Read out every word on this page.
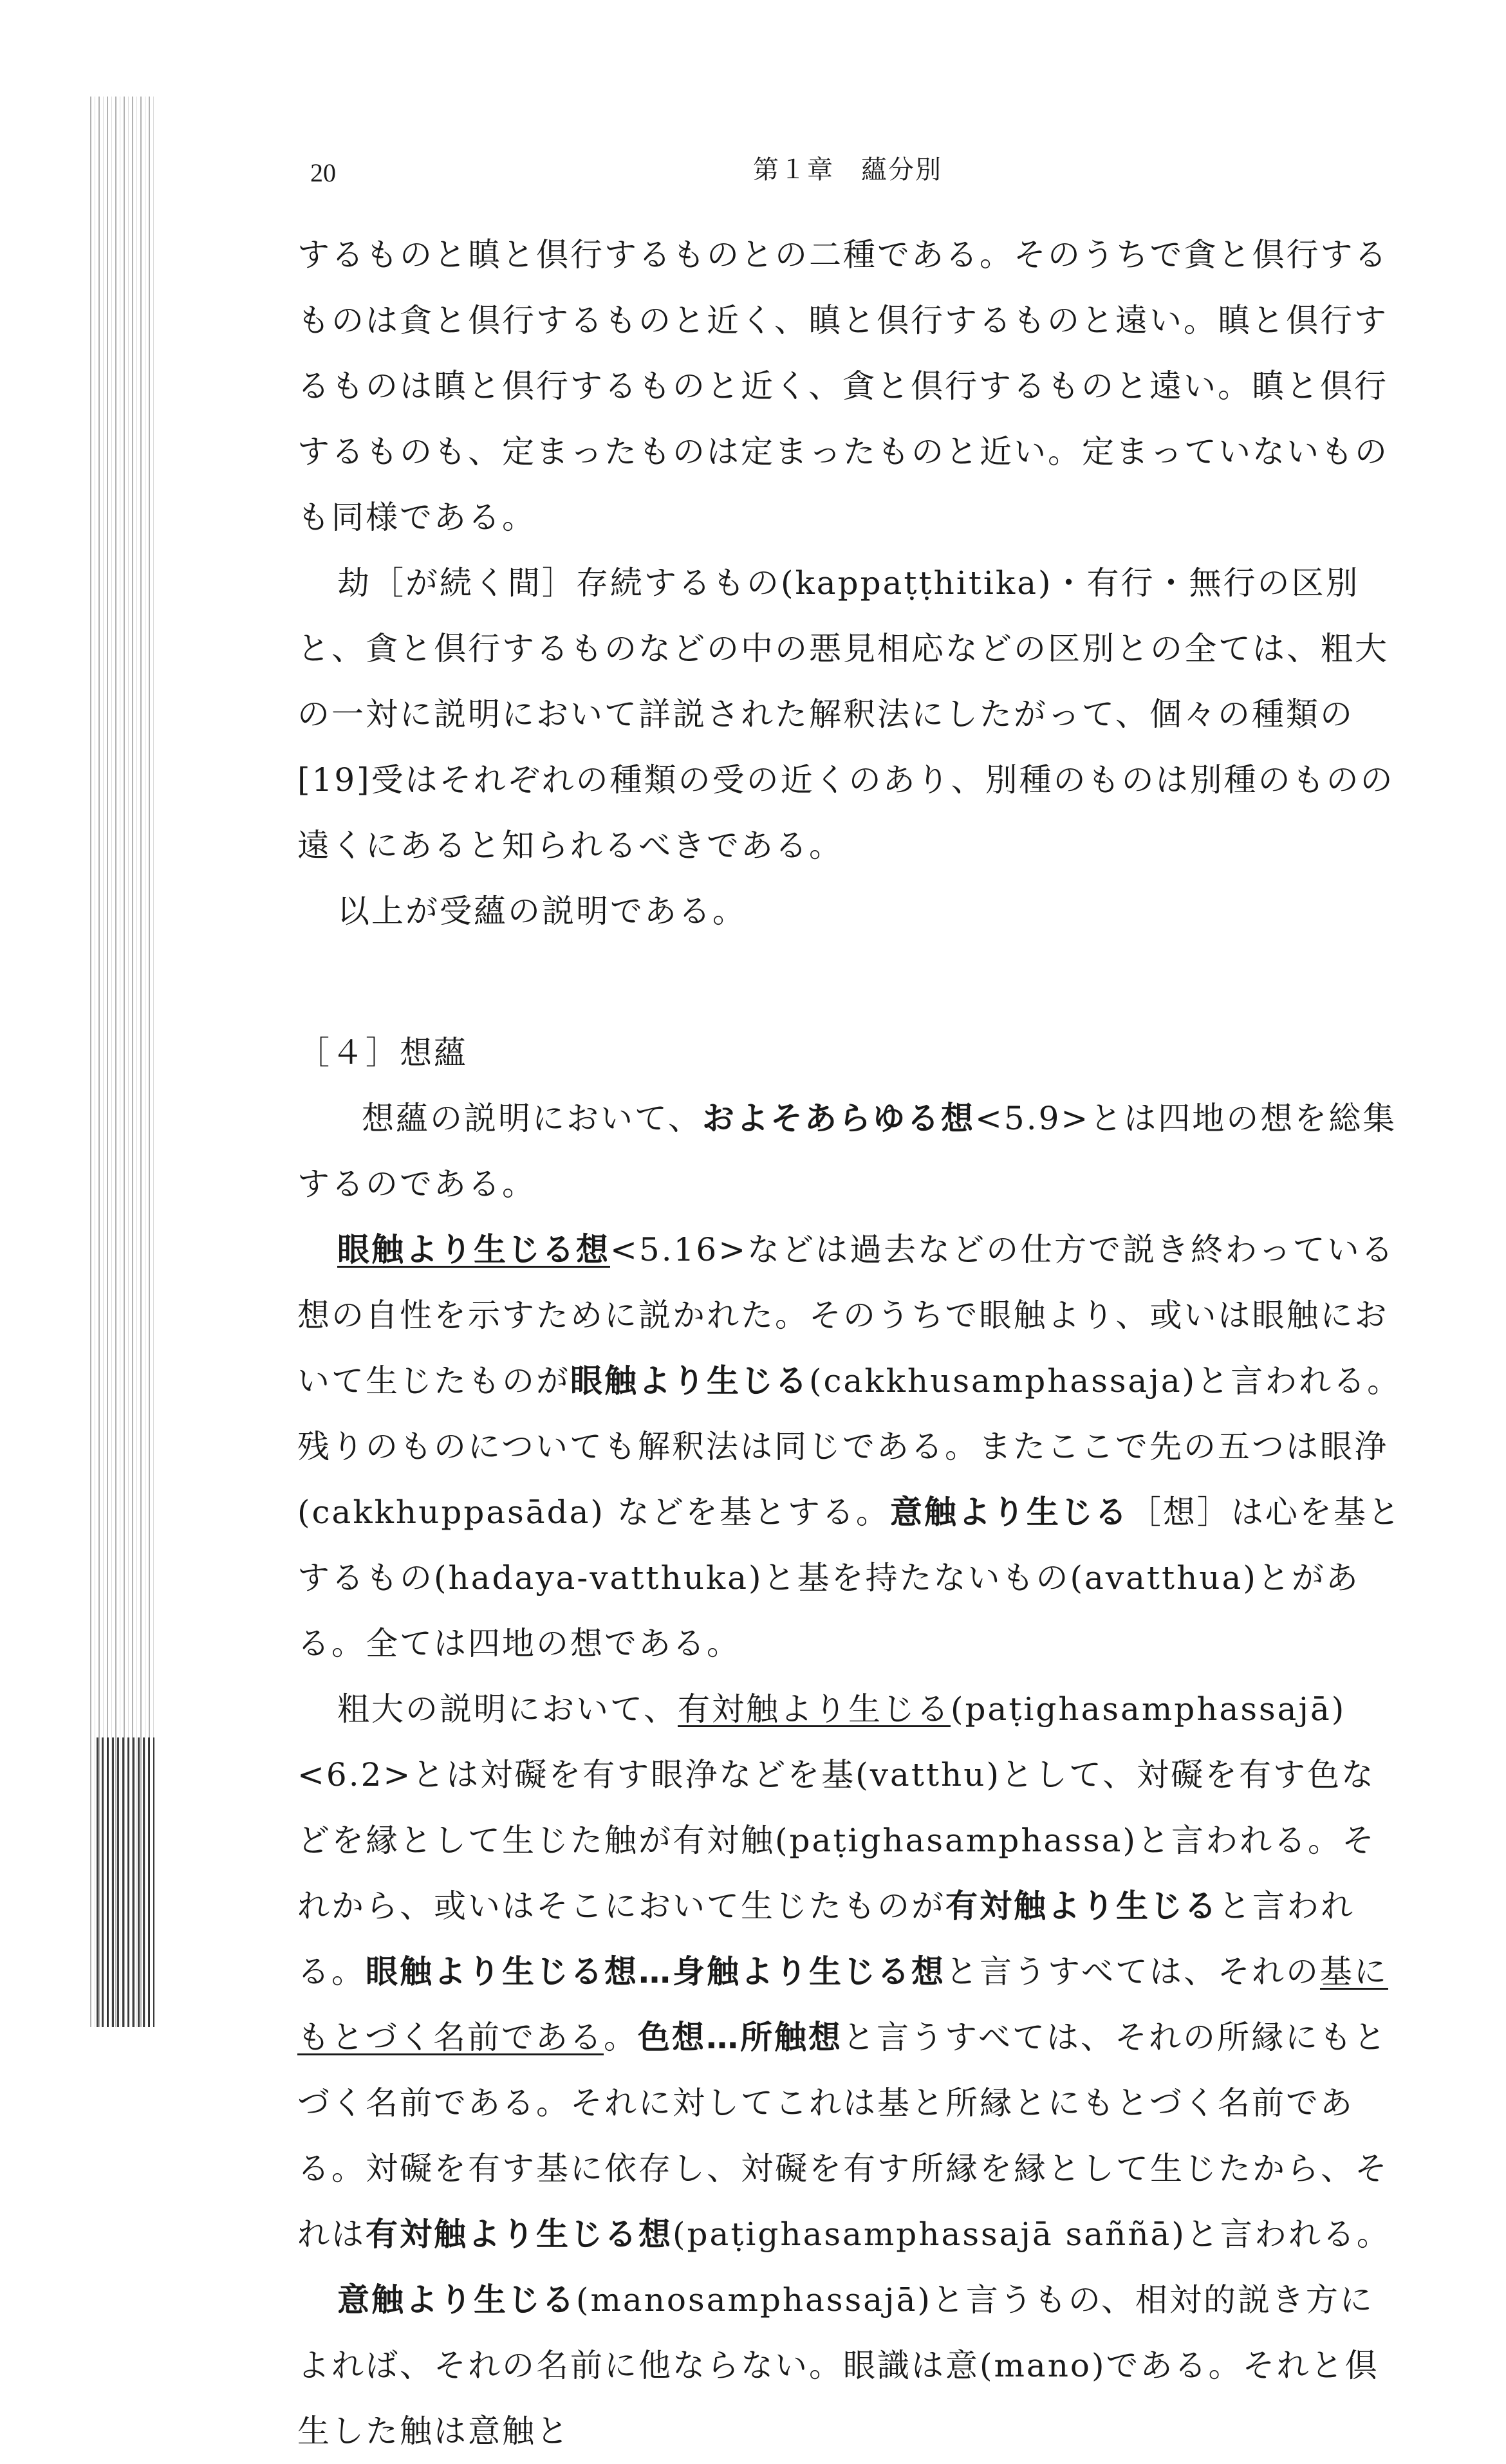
20	第１章　蘊分別

するものと瞋と倶行するものとの二種である。そのうちで貪と倶行するものは貪と倶行するものと近く、瞋と倶行するものと遠い。瞋と倶行するものは瞋と倶行するものと近く、貪と倶行するものと遠い。瞋と倶行するものも、定まったものは定まったものと近い。定まっていないものも同様である。

劫［が続く間］存続するもの(kappaṭṭhitika)・有行・無行の区別と、貪と倶行するものなどの中の悪見相応などの区別との全ては、粗大の一対に説明において詳説された解釈法にしたがって、個々の種類の[19]受はそれぞれの種類の受の近くのあり、別種のものは別種のものの遠くにあると知られるべきである。

以上が受蘊の説明である。

［４］想蘊

想蘊の説明において、およそあらゆる想<5.9>とは四地の想を総集するのである。

眼触より生じる想<5.16>などは過去などの仕方で説き終わっている想の自性を示すために説かれた。そのうちで眼触より、或いは眼触において生じたものが眼触より生じる(cakkhusamphassaja)と言われる。残りのものについても解釈法は同じである。またここで先の五つは眼浄(cakkhuppasāda) などを基とする。意触より生じる［想］は心を基とするもの(hadaya-vatthuka)と基を持たないもの(avatthua)とがある。全ては四地の想である。

粗大の説明において、有対触より生じる(paṭighasamphassajā)<6.2>とは対礙を有す眼浄などを基(vatthu)として、対礙を有す色などを縁として生じた触が有対触(paṭighasamphassa)と言われる。それから、或いはそこにおいて生じたものが有対触より生じると言われる。眼触より生じる想…身触より生じる想と言うすべては、それの基にもとづく名前である。色想…所触想と言うすべては、それの所縁にもとづく名前である。それに対してこれは基と所縁とにもとづく名前である。対礙を有す基に依存し、対礙を有す所縁を縁として生じたから、それは有対触より生じる想(paṭighasamphassajā saññā)と言われる。

意触より生じる(manosamphassajā)と言うもの、相対的説き方によれば、それの名前に他ならない。眼識は意(mano)である。それと倶生した触は意触と
